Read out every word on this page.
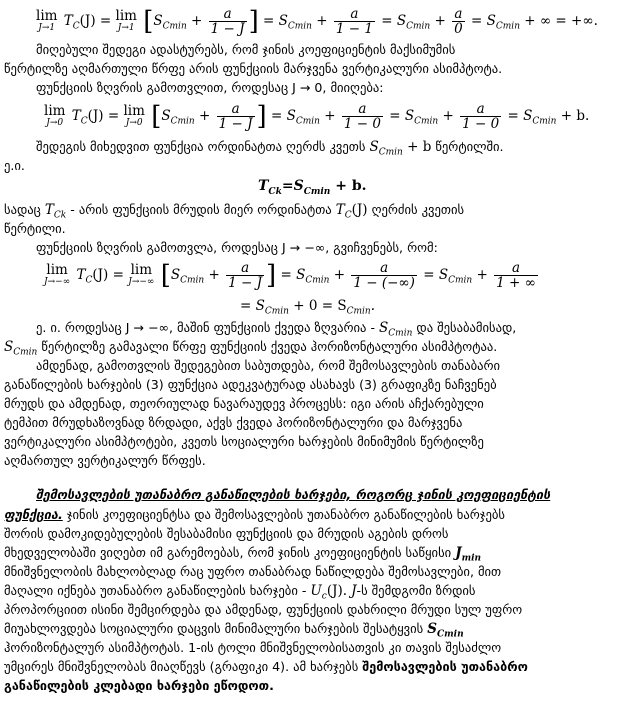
lim
J→1 $T_C(J) = \lim$
J→1 [$S_{Cmin} + \frac{a}{1 - J}$ ] = $S_{Cmin} + \frac{a}{1 - 1} = S_{Cmin} + \frac{a}{0} = S_{Cmin}$ + ∞ = +∞.
მიღებული შედეგი ადასტურებს, რომ ჯინის კოეფიციენტის მაქსიმუმის
წერტილზე აღმართული წრფე არის ფუნქციის მარჯვენა ვერტიკალური ასიმპტოტა.
ფუნქციის ზღვრის გამოთვლით, როდესაც J → 0, მიიღება:
lim
J→0 $T_C(J) = \lim$
J→0 [$S_{Cmin} + \frac{a}{1 - J}$ ] = $S_{Cmin} + \frac{a}{1 - 0} = S_{Cmin} + \frac{a}{1 - 0} = S_{Cmin} + b$.
შედეგის მიხედვით ფუნქცია ორდინატთა ღერძს კვეთს $S_{Cmin} + b$ წერტილში.
ე.ი.
$T_{Ck}=S_{Cmin} + b$.
სადაც $T_{Ck}$ - არის ფუნქციის მრუდის მიერ ორდინატთა $T_C(J)$ ღერძის კვეთის
წერტილი.
ფუნქციის ზღვრის გამოთვლა, როდესაც J → −∞, გვიჩვენებს, რომ:
lim
J→−∞ $T_C(J) = \lim$
J→−∞ [$S_{Cmin} + \frac{a}{1 - J}$ ] = $S_{Cmin} + \frac{a}{1 - (-\infty)} = S_{Cmin} + \frac{a}{1 + \infty}$
= $S_{Cmin} + 0 = S_{Cmin}$.
ე. ი. როდესაც J → −∞, მაშინ ფუნქციის ქვედა ზღვარია - $S_{Cmin}$ და შესაბამისად,
$S_{Cmin}$ წერტილზე გამავალი წრფე ფუნქციის ქვედა ჰორიზონტალური ასიმპტოტაა.
ამდენად, გამოთვლის შედეგებით საბუთდება, რომ შემოსავლების თანაბარი
განაწილების ხარჯების (3) ფუნქცია ადეკვატურად ასახავს (3) გრაფიკზე ნაჩვენებ
მრუდს და ამდენად, თეორიულად ნავარაუდევ პროცესს: იგი არის აჩქარებული
ტემპით მრუდხაზოვნად ზრდადი, აქვს ქვედა ჰორიზონტალური და მარჯვენა
ვერტიკალური ასიმპტოტები, კვეთს სოციალური ხარჯების მინიმუმის წერტილზე
აღმართულ ვერტიკალურ წრფეს.
შემოსავლების უთანაბრო განაწილების ხარჯები, როგორც ჯინის კოეფიციენტის
ფუნქცია. ჯინის კოეფიციენტსა და შემოსავლების უთანაბრო განაწილების ხარჯებს
შორის დამოკიდებულების შესაბამისი ფუნქციის და მრუდის აგების დროს
მხედველობაში ვიღებთ იმ გარემოებას, რომ ჯინის კოეფიციენტის საწყისი $J_{min}$
მნიშვნელობის მახლობლად რაც უფრო თანაბრად ნაწილდება შემოსავლები, მით
მაღალი იქნება უთანაბრო განაწილების ხარჯები - $U_c(J)$. J-ს შემდგომი ზრდის
პროპორციით ისინი შემცირდება და ამდენად, ფუნქციის დახრილი მრუდი სულ უფრო
მიუახლოვდება სოციალური დაცვის მინიმალური ხარჯების შესატყვის $S_{Cmin}$
ჰორიზონტალურ ასიმპტოტას. 1-ის ტოლი მნიშვნელობისათვის კი თავის შესაძლო
უმცირეს მნიშვნელობას მიაღწევს (გრაფიკი 4). ამ ხარჯებს შემოსავლების უთანაბრო
განაწილების კლებადი ხარჯები ეწოდოთ.
